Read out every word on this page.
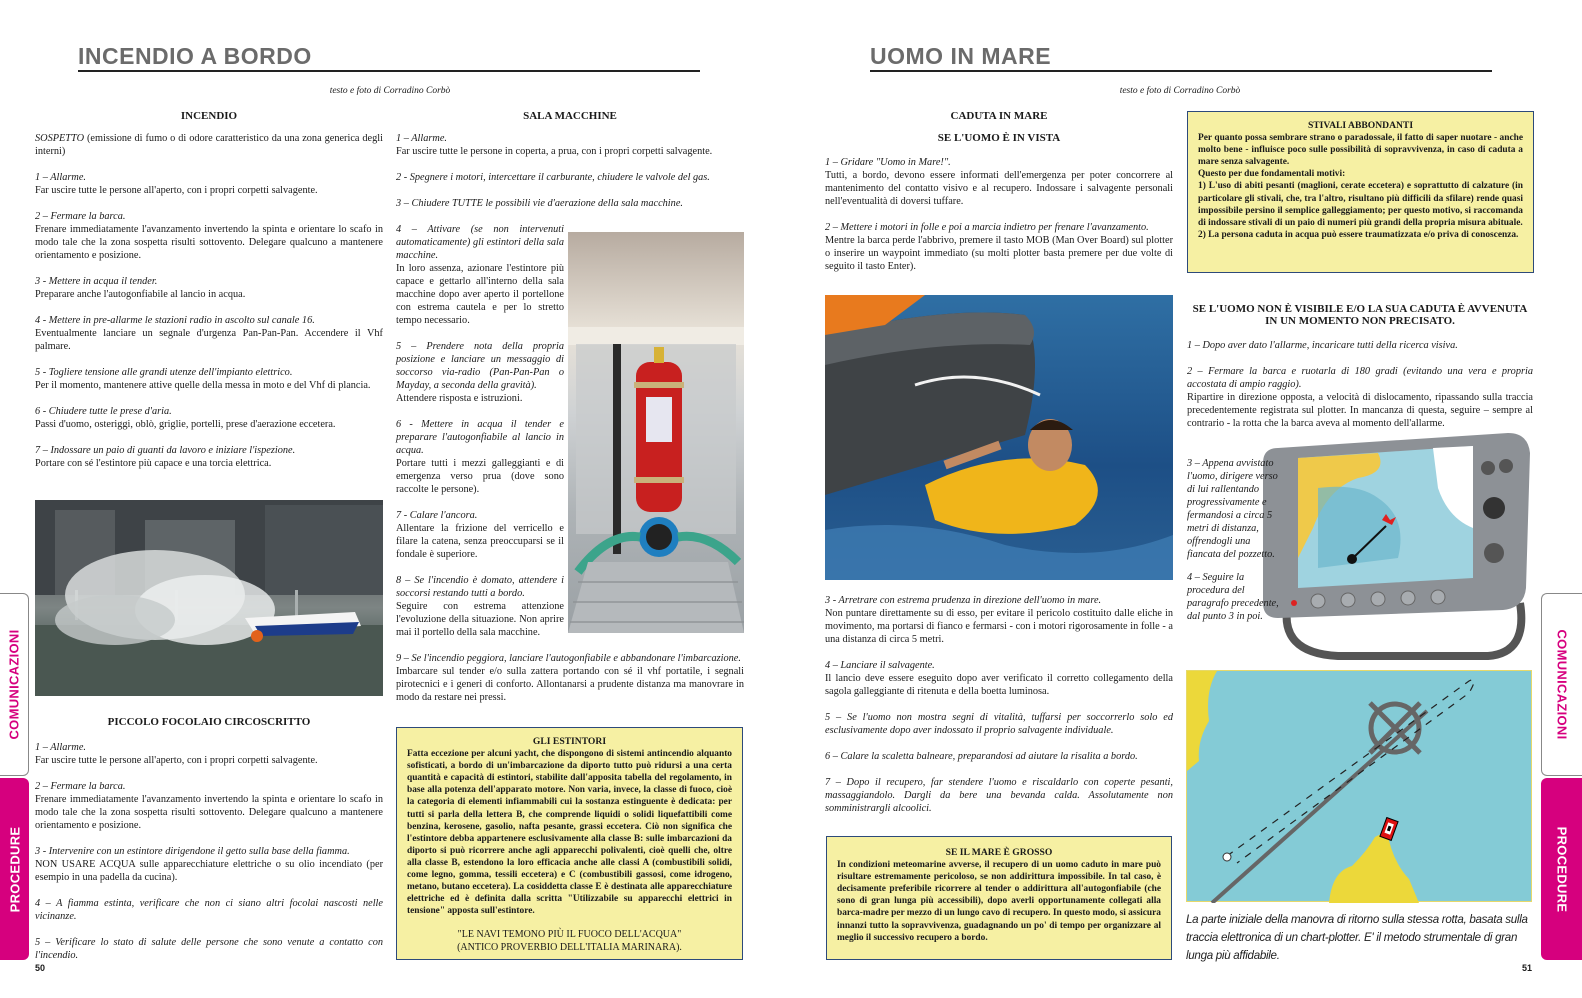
INCENDIO A BORDO
testo e foto di Corradino Corbò
INCENDIO
SOSPETTO (emissione di fumo o di odore caratteristico da una zona generica degli interni)
1 – Allarme.
Far uscire tutte le persone all'aperto, con i propri corpetti salvagente.
2 – Fermare la barca.
Frenare immediatamente l'avanzamento invertendo la spinta e orientare lo scafo in modo tale che la zona sospetta risulti sottovento. Delegare qualcuno a mantenere orientamento e posizione.
3 - Mettere in acqua il tender.
Preparare anche l'autogonfiabile al lancio in acqua.
4 - Mettere in pre-allarme le stazioni radio in ascolto sul canale 16.
Eventualmente lanciare un segnale d'urgenza Pan-Pan-Pan. Accendere il Vhf palmare.
5 - Togliere tensione alle grandi utenze dell'impianto elettrico.
Per il momento, mantenere attive quelle della messa in moto e del Vhf di plancia.
6 - Chiudere tutte le prese d'aria.
Passi d'uomo, osteriggi, oblò, griglie, portelli, prese d'aerazione eccetera.
7 – Indossare un paio di guanti da lavoro e iniziare l'ispezione.
Portare con sé l'estintore più capace e una torcia elettrica.
PICCOLO FOCOLAIO CIRCOSCRITTO
1 – Allarme.
Far uscire tutte le persone all'aperto, con i propri corpetti salvagente.
2 – Fermare la barca.
Frenare immediatamente l'avanzamento invertendo la spinta e orientare lo scafo in modo tale che la zona sospetta risulti sottovento. Delegare qualcuno a mantenere orientamento e posizione.
3 - Intervenire con un estintore dirigendone il getto sulla base della fiamma.
NON USARE ACQUA sulle apparecchiature elettriche o su olio incendiato (per esempio in una padella da cucina).
4 – A fiamma estinta, verificare che non ci siano altri focolai nascosti nelle vicinanze.
5 – Verificare lo stato di salute delle persone che sono venute a contatto con l'incendio.
50
SALA MACCHINE
1 – Allarme.
Far uscire tutte le persone in coperta, a prua, con i propri corpetti salvagente.
2 - Spegnere i motori, intercettare il carburante, chiudere le valvole del gas.
3 – Chiudere TUTTE le possibili vie d'aerazione della sala macchine.
4 – Attivare (se non intervenuti automaticamente) gli estintori della sala macchine.
In loro assenza, azionare l'estintore più capace e gettarlo all'interno della sala macchine dopo aver aperto il portellone con estrema cautela e per lo stretto tempo necessario.
5 – Prendere nota della propria posizione e lanciare un messaggio di soccorso via-radio (Pan-Pan-Pan o Mayday, a seconda della gravità).
Attendere risposta e istruzioni.
6 - Mettere in acqua il tender e preparare l'autogonfiabile al lancio in acqua.
Portare tutti i mezzi galleggianti e di emergenza verso prua (dove sono raccolte le persone).
7 - Calare l'ancora.
Allentare la frizione del verricello e filare la catena, senza preoccuparsi se il fondale è superiore.
8 – Se l'incendio è domato, attendere i soccorsi restando tutti a bordo.
Seguire con estrema attenzione l'evoluzione della situazione. Non aprire mai il portello della sala macchine.
9 – Se l'incendio peggiora, lanciare l'autogonfiabile e abbandonare l'imbarcazione.
Imbarcare sul tender e/o sulla zattera portando con sé il vhf portatile, i segnali pirotecnici e i generi di conforto. Allontanarsi a prudente distanza ma manovrare in modo da restare nei pressi.
GLI ESTINTORI
Fatta eccezione per alcuni yacht, che dispongono di sistemi antincendio alquanto sofisticati, a bordo di un'imbarcazione da diporto tutto può ridursi a una certa quantità e capacità di estintori, stabilite dall'apposita tabella del regolamento, in base alla potenza dell'apparato motore. Non varia, invece, la classe di fuoco, cioè la categoria di elementi infiammabili cui la sostanza estinguente è dedicata: per tutti si parla della lettera B, che comprende liquidi o solidi liquefattibili come benzina, kerosene, gasolio, nafta pesante, grassi eccetera. Ciò non significa che l'estintore debba appartenere esclusivamente alla classe B: sulle imbarcazioni da diporto si può ricorrere anche agli apparecchi polivalenti, cioè quelli che, oltre alla classe B, estendono la loro efficacia anche alle classi A (combustibili solidi, come legno, gomma, tessili eccetera) e C (combustibili gassosi, come idrogeno, metano, butano eccetera). La cosiddetta classe E è destinata alle apparecchiature elettriche ed è definita dalla scritta "Utilizzabile su apparecchi elettrici in tensione" apposta sull'estintore.
"LE NAVI TEMONO PIÙ IL FUOCO DELL'ACQUA"
(ANTICO PROVERBIO DELL'ITALIA MARINARA).
COMUNICAZIONI
PROCEDURE
UOMO IN MARE
testo e foto di Corradino Corbò
CADUTA IN MARE
SE L'UOMO È IN VISTA
1 – Gridare "Uomo in Mare!".
Tutti, a bordo, devono essere informati dell'emergenza per poter concorrere al mantenimento del contatto visivo e al recupero. Indossare i salvagente personali nell'eventualità di doversi tuffare.
2 – Mettere i motori in folle e poi a marcia indietro per frenare l'avanzamento.
Mentre la barca perde l'abbrivo, premere il tasto MOB (Man Over Board) sul plotter o inserire un waypoint immediato (su molti plotter basta premere per due volte di seguito il tasto Enter).
3 - Arretrare con estrema prudenza in direzione dell'uomo in mare.
Non puntare direttamente su di esso, per evitare il pericolo costituito dalle eliche in movimento, ma portarsi di fianco e fermarsi - con i motori rigorosamente in folle - a una distanza di circa 5 metri.
4 – Lanciare il salvagente.
Il lancio deve essere eseguito dopo aver verificato il corretto collegamento della sagola galleggiante di ritenuta e della boetta luminosa.
5 – Se l'uomo non mostra segni di vitalità, tuffarsi per soccorrerlo solo ed esclusivamente dopo aver indossato il proprio salvagente individuale.
6 – Calare la scaletta balneare, preparandosi ad aiutare la risalita a bordo.
7 – Dopo il recupero, far stendere l'uomo e riscaldarlo con coperte pesanti, massaggiandolo. Dargli da bere una bevanda calda. Assolutamente non somministrargli alcoolici.
SE IL MARE È GROSSO
In condizioni meteomarine avverse, il recupero di un uomo caduto in mare può risultare estremamente pericoloso, se non addirittura impossibile. In tal caso, è decisamente preferibile ricorrere al tender o addirittura all'autogonfiabile (che sono di gran lunga più accessibili), dopo averli opportunamente collegati alla barca-madre per mezzo di un lungo cavo di recupero. In questo modo, si assicura innanzi tutto la sopravvivenza, guadagnando un po' di tempo per organizzare al meglio il successivo recupero a bordo.
STIVALI ABBONDANTI
Per quanto possa sembrare strano o paradossale, il fatto di saper nuotare - anche molto bene - influisce poco sulle possibilità di sopravvivenza, in caso di caduta a mare senza salvagente.
Questo per due fondamentali motivi:
1) L'uso di abiti pesanti (maglioni, cerate eccetera) e soprattutto di calzature (in particolare gli stivali, che, tra l'altro, risultano più difficili da sfilare) rende quasi impossibile persino il semplice galleggiamento; per questo motivo, si raccomanda di indossare stivali di un paio di numeri più grandi della propria misura abituale.
2) La persona caduta in acqua può essere traumatizzata e/o priva di conoscenza.
SE L'UOMO NON È VISIBILE E/O LA SUA CADUTA È AVVENUTA IN UN MOMENTO NON PRECISATO.
1 – Dopo aver dato l'allarme, incaricare tutti della ricerca visiva.
2 – Fermare la barca e ruotarla di 180 gradi (evitando una vera e propria accostata di ampio raggio).
Ripartire in direzione opposta, a velocità di dislocamento, ripassando sulla traccia precedentemente registrata sul plotter. In mancanza di questa, seguire – sempre al contrario - la rotta che la barca aveva al momento dell'allarme.
3 – Appena avvistato l'uomo, dirigere verso di lui rallentando progressivamente e fermandosi a circa 5 metri di distanza, offrendogli una fiancata del pozzetto.
4 – Seguire la procedura del paragrafo precedente, dal punto 3 in poi.
La parte iniziale della manovra di ritorno sulla stessa rotta, basata sulla traccia elettronica di un chart-plotter. E' il metodo strumentale di gran lunga più affidabile.
51
COMUNICAZIONI
PROCEDURE
